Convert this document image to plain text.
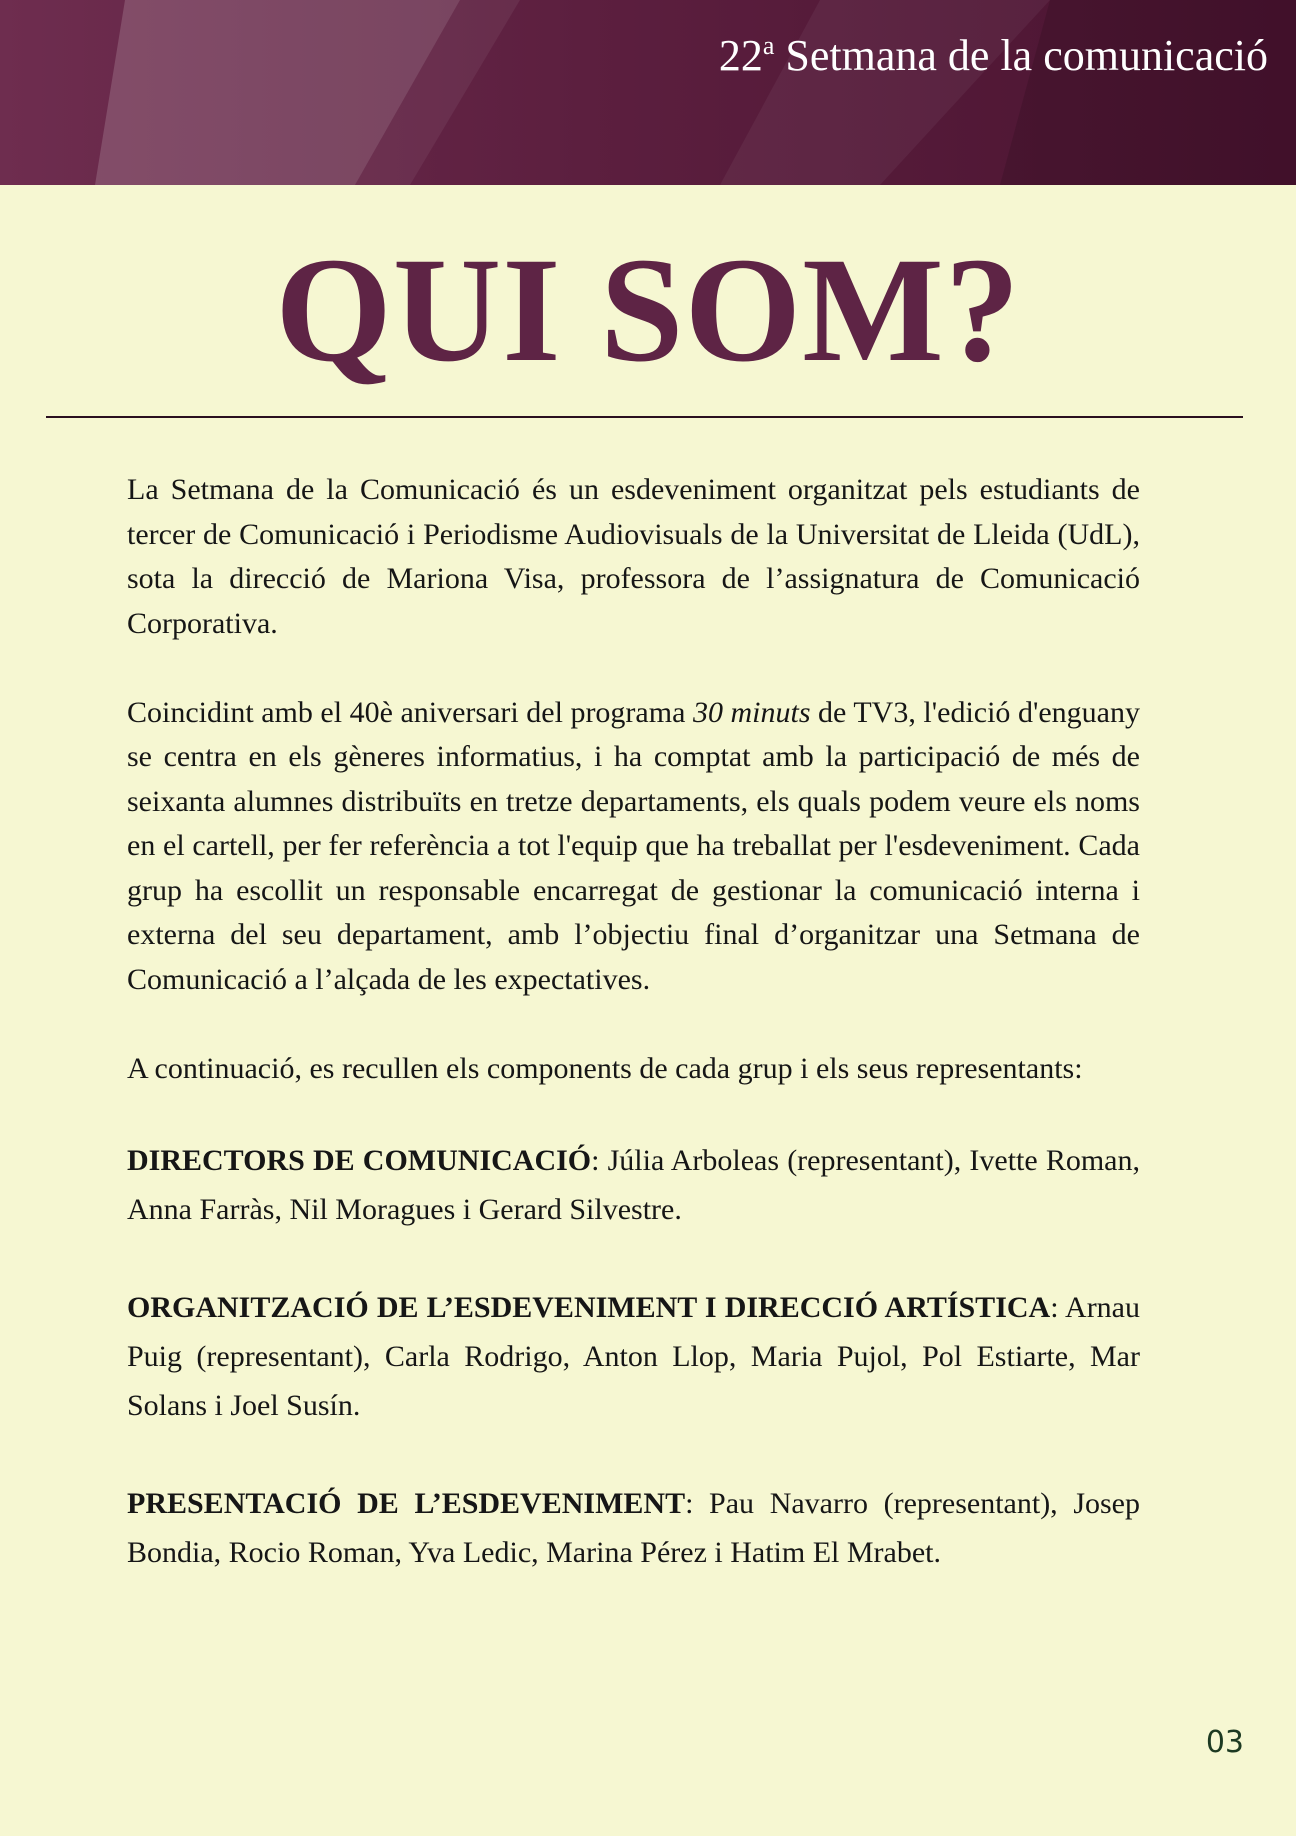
22$^a$ Setmana de la comunicació
QUI SOM?

La Setmana de la Comunicació és un esdeveniment organitzat pels estudiants de tercer de Comunicació i Periodisme Audiovisuals de la Universitat de Lleida (UdL), sota la direcció de Mariona Visa, professora de l’assignatura de Comunicació Corporativa.

Coincidint amb el 40è aniversari del programa 30 minuts de TV3, l'edició d'enguany se centra en els gèneres informatius, i ha comptat amb la participació de més de seixanta alumnes distribuïts en tretze departaments, els quals podem veure els noms en el cartell, per fer referència a tot l'equip que ha treballat per l'esdeveniment. Cada grup ha escollit un responsable encarregat de gestionar la comunicació interna i externa del seu departament, amb l’objectiu final d’organitzar una Setmana de Comunicació a l’alçada de les expectatives.

A continuació, es recullen els components de cada grup i els seus representants:

DIRECTORS DE COMUNICACIÓ: Júlia Arboleas (representant), Ivette Roman, Anna Farràs, Nil Moragues i Gerard Silvestre.

ORGANITZACIÓ DE L’ESDEVENIMENT I DIRECCIÓ ARTÍSTICA: Arnau Puig (representant), Carla Rodrigo, Anton Llop, Maria Pujol, Pol Estiarte, Mar Solans i Joel Susín.

PRESENTACIÓ DE L’ESDEVENIMENT: Pau Navarro (representant), Josep Bondia, Rocio Roman, Yva Ledic, Marina Pérez i Hatim El Mrabet.

03
